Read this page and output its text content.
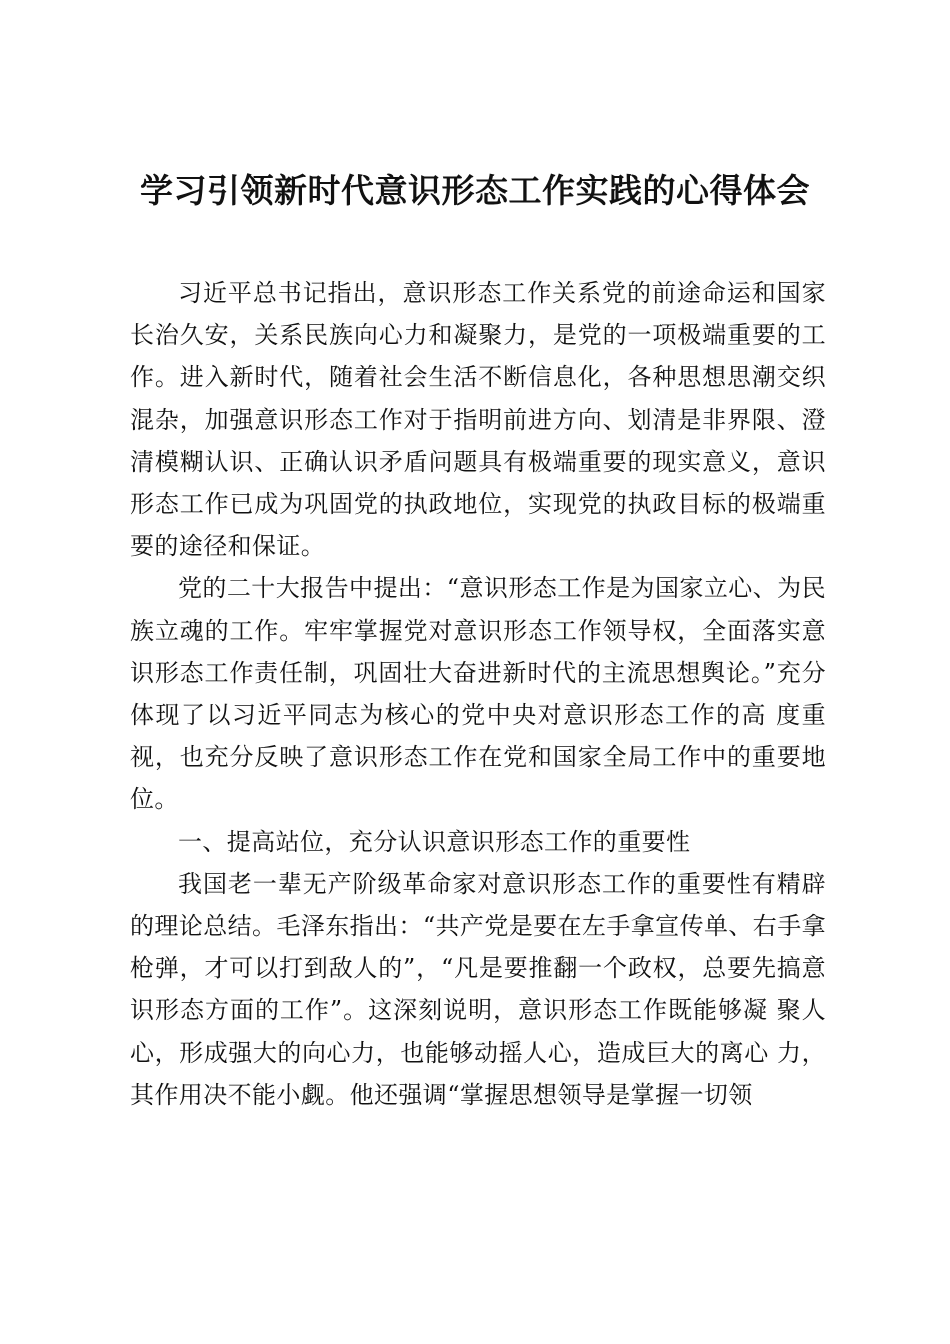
学习引领新时代意识形态工作实践的心得体会

习近平总书记指出，意识形态工作关系党的前途命运和国家长治久安，关系民族向心力和凝聚力，是党的一项极端重要的工作。进入新时代，随着社会生活不断信息化，各种思想思潮交织混杂，加强意识形态工作对于指明前进方向、划清是非界限、澄清模糊认识、正确认识矛盾问题具有极端重要的现实意义，意识形态工作已成为巩固党的执政地位，实现党的执政目标的极端重要的途径和保证。

党的二十大报告中提出：“意识形态工作是为国家立心、为民族立魂的工作。牢牢掌握党对意识形态工作领导权，全面落实意识形态工作责任制，巩固壮大奋进新时代的主流思想舆论。”充分体现了以习近平同志为核心的党中央对意识形态工作的高 度重视，也充分反映了意识形态工作在党和国家全局工作中的重要地位。

一、提高站位，充分认识意识形态工作的重要性

我国老一辈无产阶级革命家对意识形态工作的重要性有精辟的理论总结。毛泽东指出：“共产党是要在左手拿宣传单、右手拿枪弹，才可以打到敌人的”，“凡是要推翻一个政权，总要先搞意识形态方面的工作”。这深刻说明，意识形态工作既能够凝 聚人心，形成强大的向心力，也能够动摇人心，造成巨大的离心 力，其作用决不能小觑。他还强调“掌握思想领导是掌握一切领
